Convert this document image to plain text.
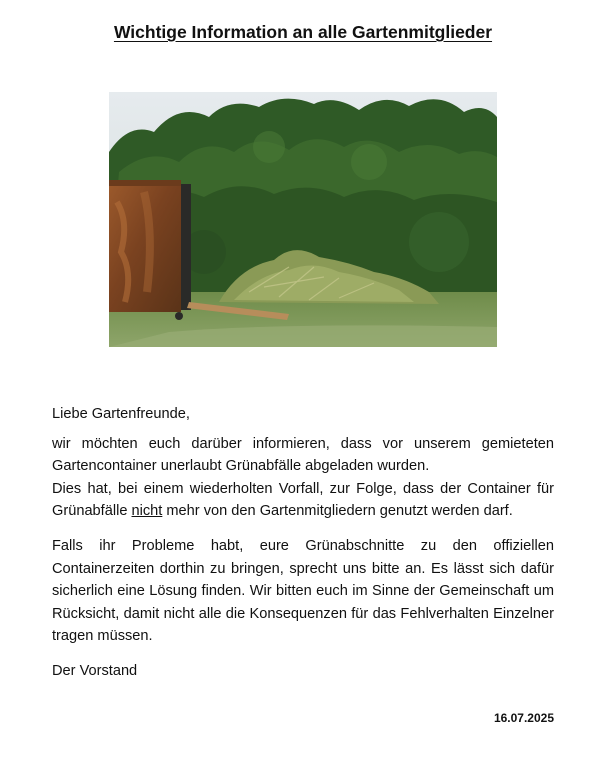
Wichtige Information an alle Gartenmitglieder

Liebe Gartenfreunde,

wir möchten euch darüber informieren, dass vor unserem gemieteten Gartencontainer unerlaubt Grünabfälle abgeladen wurden.
Dies hat, bei einem wiederholten Vorfall, zur Folge, dass der Container für Grünabfälle nicht mehr von den Gartenmitgliedern genutzt werden darf.

Falls ihr Probleme habt, eure Grünabschnitte zu den offiziellen Containerzeiten dorthin zu bringen, sprecht uns bitte an. Es lässt sich dafür sicherlich eine Lösung finden. Wir bitten euch im Sinne der Gemeinschaft um Rücksicht, damit nicht alle die Konsequenzen für das Fehlverhalten Einzelner tragen müssen.

Der Vorstand

16.07.2025
